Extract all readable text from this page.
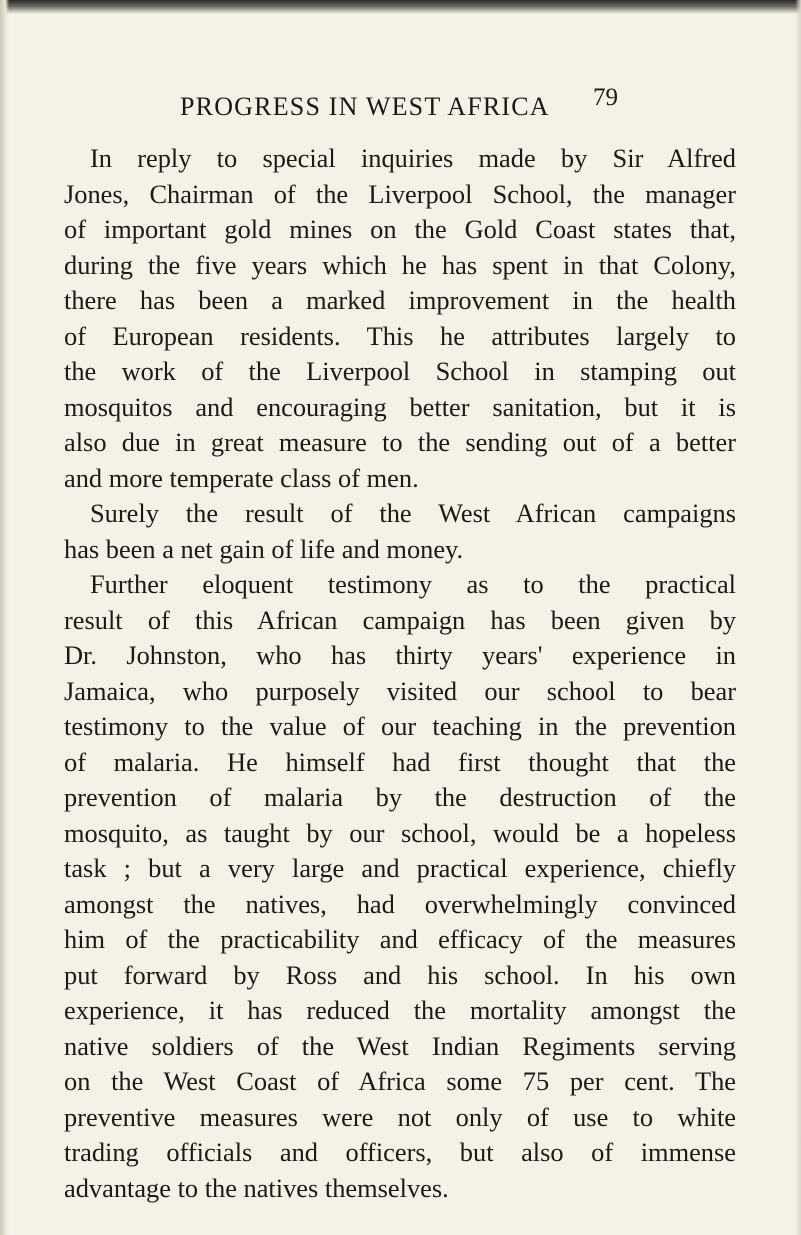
PROGRESS IN WEST AFRICA 79
In reply to special inquiries made by Sir Alfred
Jones, Chairman of the Liverpool School, the manager
of important gold mines on the Gold Coast states that,
during the five years which he has spent in that Colony,
there has been a marked improvement in the health
of European residents. This he attributes largely to
the work of the Liverpool School in stamping out
mosquitos and encouraging better sanitation, but it is
also due in great measure to the sending out of a better
and more temperate class of men.
Surely the result of the West African campaigns
has been a net gain of life and money.
Further eloquent testimony as to the practical
result of this African campaign has been given by
Dr. Johnston, who has thirty years' experience in
Jamaica, who purposely visited our school to bear
testimony to the value of our teaching in the prevention
of malaria. He himself had first thought that the
prevention of malaria by the destruction of the
mosquito, as taught by our school, would be a hopeless
task ; but a very large and practical experience, chiefly
amongst the natives, had overwhelmingly convinced
him of the practicability and efficacy of the measures
put forward by Ross and his school. In his own
experience, it has reduced the mortality amongst the
native soldiers of the West Indian Regiments serving
on the West Coast of Africa some 75 per cent. The
preventive measures were not only of use to white
trading officials and officers, but also of immense
advantage to the natives themselves.
